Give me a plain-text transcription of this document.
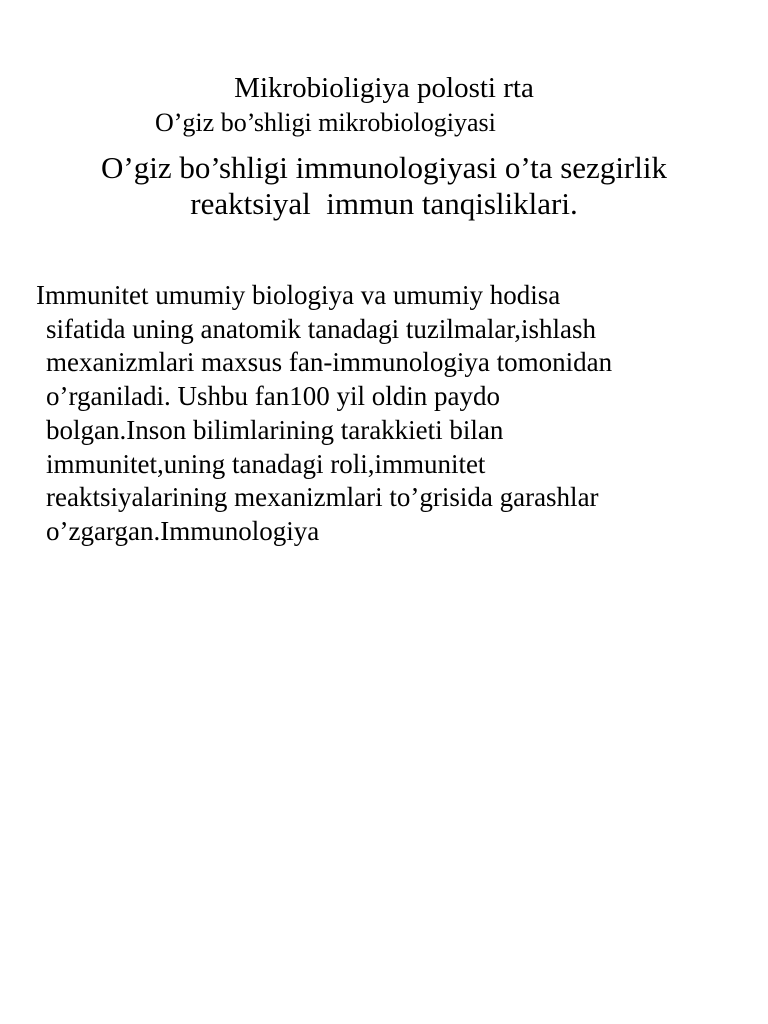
Mikrobioligiya polosti rta
O’giz bo’shligi mikrobiologiyasi
O’giz bo’shligi immunologiyasi o’ta sezgirlik
reaktsiyal  immun tanqisliklari.
Immunitet umumiy biologiya va umumiy hodisa
sifatida uning anatomik tanadagi tuzilmalar,ishlash
mexanizmlari maxsus fan-immunologiya tomonidan
o’rganiladi. Ushbu fan100 yil oldin paydo
bolgan.Inson bilimlarining tarakkieti bilan
immunitet,uning tanadagi roli,immunitet
reaktsiyalarining mexanizmlari to’grisida garashlar
o’zgargan.Immunologiya
